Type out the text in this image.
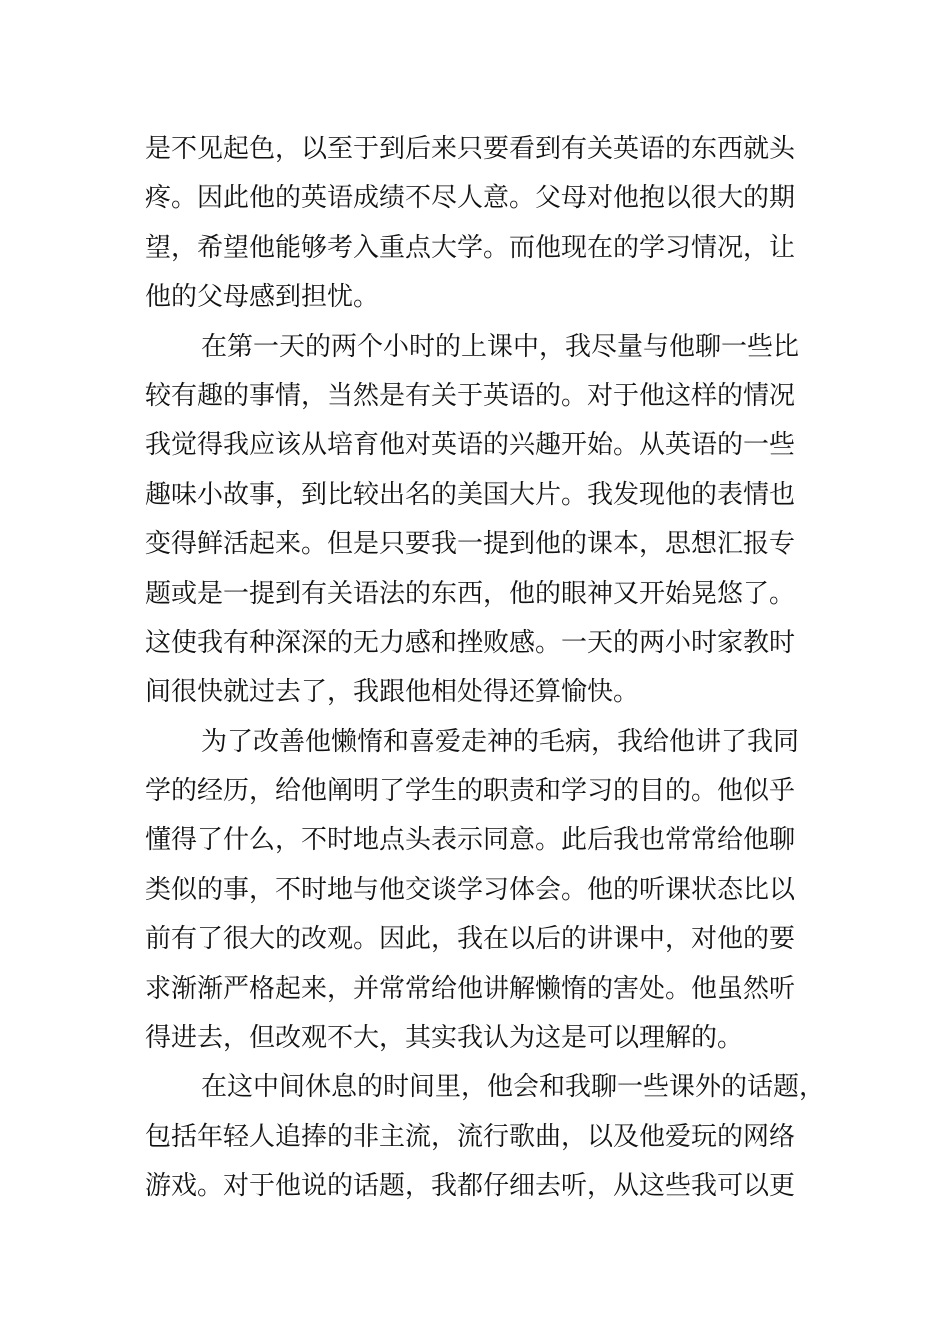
是不见起色，以至于到后来只要看到有关英语的东西就头
疼。因此他的英语成绩不尽人意。父母对他抱以很大的期
望，希望他能够考入重点大学。而他现在的学习情况，让
他的父母感到担忧。
在第一天的两个小时的上课中，我尽量与他聊一些比
较有趣的事情，当然是有关于英语的。对于他这样的情况
我觉得我应该从培育他对英语的兴趣开始。从英语的一些
趣味小故事，到比较出名的美国大片。我发现他的表情也
变得鲜活起来。但是只要我一提到他的课本，思想汇报专
题或是一提到有关语法的东西，他的眼神又开始晃悠了。
这使我有种深深的无力感和挫败感。一天的两小时家教时
间很快就过去了，我跟他相处得还算愉快。
为了改善他懒惰和喜爱走神的毛病，我给他讲了我同
学的经历，给他阐明了学生的职责和学习的目的。他似乎
懂得了什么，不时地点头表示同意。此后我也常常给他聊
类似的事，不时地与他交谈学习体会。他的听课状态比以
前有了很大的改观。因此，我在以后的讲课中，对他的要
求渐渐严格起来，并常常给他讲解懒惰的害处。他虽然听
得进去，但改观不大，其实我认为这是可以理解的。
在这中间休息的时间里，他会和我聊一些课外的话题，
包括年轻人追捧的非主流，流行歌曲，以及他爱玩的网络
游戏。对于他说的话题，我都仔细去听，从这些我可以更
